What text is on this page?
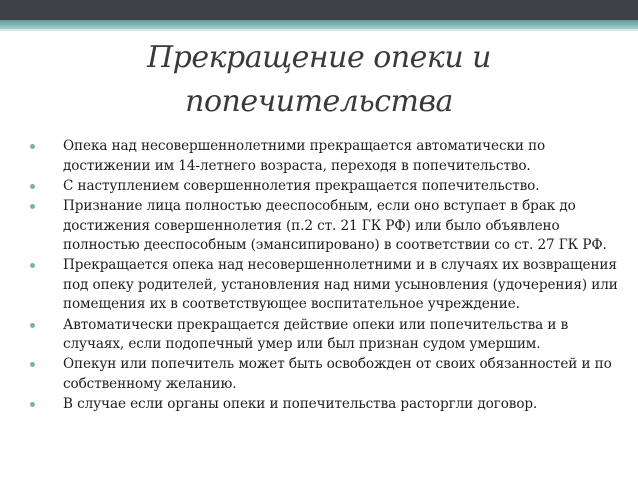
Прекращение опеки и
попечительства
Опека над несовершеннолетними прекращается автоматически по достижении им 14-летнего возраста, переходя в попечительство.
С наступлением совершеннолетия прекращается попечительство.
Признание лица полностью дееспособным, если оно вступает в брак до достижения совершеннолетия (п.2 ст. 21 ГК РФ) или было объявлено полностью дееспособным (эмансипировано) в соответствии со ст. 27 ГК РФ.
Прекращается опека над несовершеннолетними и в случаях их возвращения под опеку родителей, установления над ними усыновления (удочерения) или помещения их в соответствующее воспитательное учреждение.
Автоматически прекращается действие опеки или попечительства и в случаях, если подопечный умер или был признан судом умершим.
Опекун или попечитель может быть освобожден от своих обязанностей и по собственному желанию.
В случае если органы опеки и попечительства расторгли договор.
